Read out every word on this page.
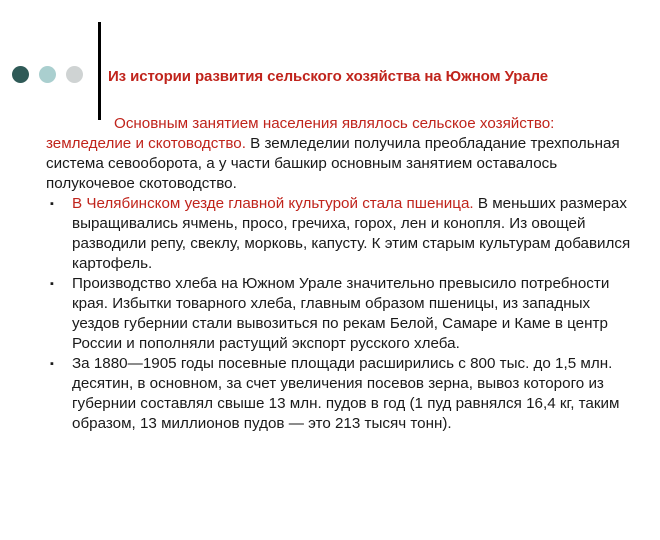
Из истории развития сельского хозяйства на Южном Урале

Основным занятием населения являлось сельское хозяйство: земледелие и скотоводство. В земледелии получила преобладание трехпольная система севооборота, а у части башкир основным занятием оставалось полукочевое скотоводство.

▪ В Челябинском уезде главной культурой стала пшеница. В меньших размерах выращивались ячмень, просо, гречиха, горох, лен и конопля. Из овощей разводили репу, свеклу, морковь, капусту. К этим старым культурам добавился картофель.
▪ Производство хлеба на Южном Урале значительно превысило потребности края. Избытки товарного хлеба, главным образом пшеницы, из западных уездов губернии стали вывозиться по рекам Белой, Самаре и Каме в центр России и пополняли растущий экспорт русского хлеба.
▪ За 1880—1905 годы посевные площади расширились с 800 тыс. до 1,5 млн. десятин, в основном, за счет увеличения посевов зерна, вывоз которого из губернии составлял свыше 13 млн. пудов в год (1 пуд равнялся 16,4 кг, таким образом, 13 миллионов пудов — это 213 тысяч тонн).
